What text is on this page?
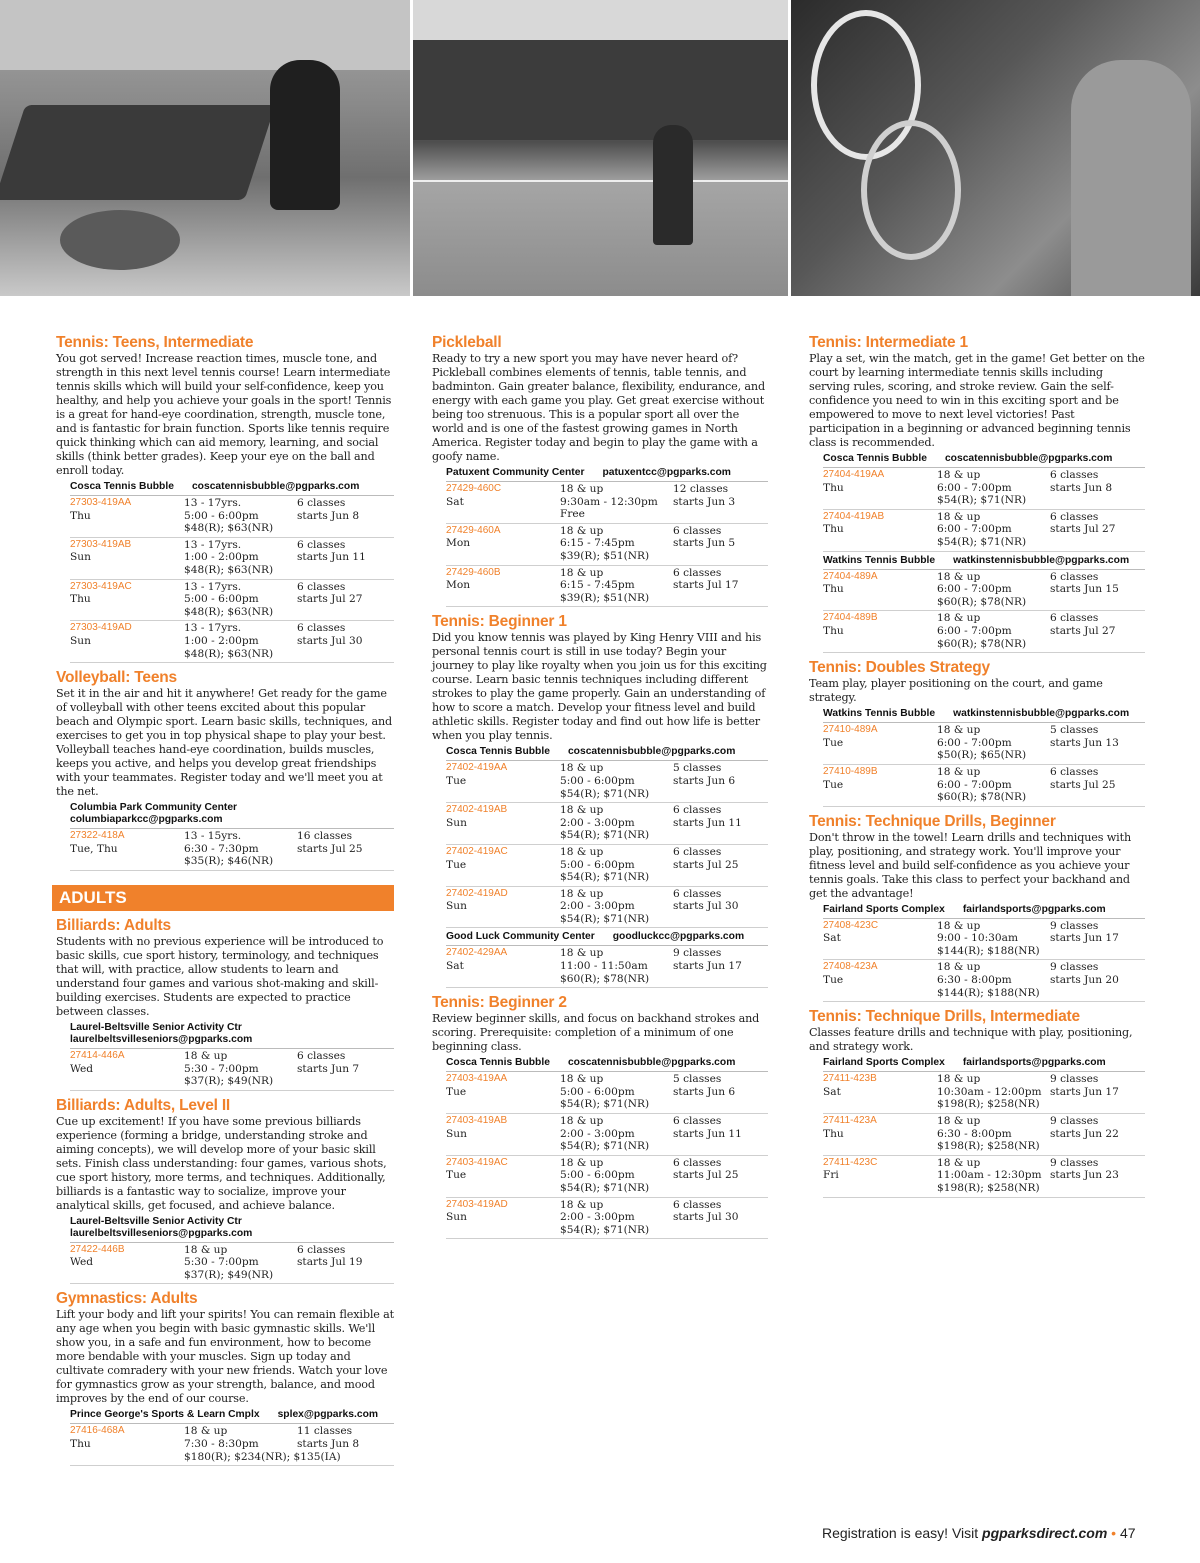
Tennis: Teens, Intermediate
You got served! Increase reaction times, muscle tone, and strength in this next level tennis course! Learn intermediate tennis skills which will build your self-confidence, keep you healthy, and help you achieve your goals in the sport! Tennis is a great for hand-eye coordination, strength, muscle tone, and is fantastic for brain function. Sports like tennis require quick thinking which can aid memory, learning, and social skills (think better grades). Keep your eye on the ball and enroll today.
Cosca Tennis Bubble coscatennisbubble@pgparks.com
27303-419AA
Thu
13 - 17yrs.
5:00 - 6:00pm
$48(R); $63(NR)
6 classes
starts Jun 8
27303-419AB
Sun
13 - 17yrs.
1:00 - 2:00pm
$48(R); $63(NR)
6 classes
starts Jun 11
27303-419AC
Thu
13 - 17yrs.
5:00 - 6:00pm
$48(R); $63(NR)
6 classes
starts Jul 27
27303-419AD
Sun
13 - 17yrs.
1:00 - 2:00pm
$48(R); $63(NR)
6 classes
starts Jul 30
Volleyball: Teens
Set it in the air and hit it anywhere! Get ready for the game of volleyball with other teens excited about this popular beach and Olympic sport. Learn basic skills, techniques, and exercises to get you in top physical shape to play your best. Volleyball teaches hand-eye coordination, builds muscles, keeps you active, and helps you develop great friendships with your teammates. Register today and we'll meet you at the net.
Columbia Park Community Center
columbiaparkcc@pgparks.com
27322-418A
Tue, Thu
13 - 15yrs.
6:30 - 7:30pm
$35(R); $46(NR)
16 classes
starts Jul 25
ADULTS
Billiards: Adults
Students with no previous experience will be introduced to basic skills, cue sport history, terminology, and techniques that will, with practice, allow students to learn and understand four games and various shot-making and skill-building exercises. Students are expected to practice between classes.
Laurel-Beltsville Senior Activity Ctr
laurelbeltsvilleseniors@pgparks.com
27414-446A
Wed
18 & up
5:30 - 7:00pm
$37(R); $49(NR)
6 classes
starts Jun 7
Billiards: Adults, Level II
Cue up excitement! If you have some previous billiards experience (forming a bridge, understanding stroke and aiming concepts), we will develop more of your basic skill sets. Finish class understanding: four games, various shots, cue sport history, more terms, and techniques. Additionally, billiards is a fantastic way to socialize, improve your analytical skills, get focused, and achieve balance.
Laurel-Beltsville Senior Activity Ctr
laurelbeltsvilleseniors@pgparks.com
27422-446B
Wed
18 & up
5:30 - 7:00pm
$37(R); $49(NR)
6 classes
starts Jul 19
Gymnastics: Adults
Lift your body and lift your spirits! You can remain flexible at any age when you begin with basic gymnastic skills. We'll show you, in a safe and fun environment, how to become more bendable with your muscles. Sign up today and cultivate comradery with your new friends. Watch your love for gymnastics grow as your strength, balance, and mood improves by the end of our course.
Prince George's Sports & Learn Cmplx splex@pgparks.com
27416-468A
Thu
18 & up
7:30 - 8:30pm
$180(R); $234(NR); $135(IA)
11 classes
starts Jun 8
Pickleball
Ready to try a new sport you may have never heard of? Pickleball combines elements of tennis, table tennis, and badminton. Gain greater balance, flexibility, endurance, and energy with each game you play. Get great exercise without being too strenuous. This is a popular sport all over the world and is one of the fastest growing games in North America. Register today and begin to play the game with a goofy name.
Patuxent Community Center patuxentcc@pgparks.com
27429-460C
Sat
18 & up
9:30am - 12:30pm
Free
12 classes
starts Jun 3
27429-460A
Mon
18 & up
6:15 - 7:45pm
$39(R); $51(NR)
6 classes
starts Jun 5
27429-460B
Mon
18 & up
6:15 - 7:45pm
$39(R); $51(NR)
6 classes
starts Jul 17
Tennis: Beginner 1
Did you know tennis was played by King Henry VIII and his personal tennis court is still in use today? Begin your journey to play like royalty when you join us for this exciting course. Learn basic tennis techniques including different strokes to play the game properly. Gain an understanding of how to score a match. Develop your fitness level and build athletic skills. Register today and find out how life is better when you play tennis.
Cosca Tennis Bubble coscatennisbubble@pgparks.com
27402-419AA
Tue
18 & up
5:00 - 6:00pm
$54(R); $71(NR)
5 classes
starts Jun 6
27402-419AB
Sun
18 & up
2:00 - 3:00pm
$54(R); $71(NR)
6 classes
starts Jun 11
27402-419AC
Tue
18 & up
5:00 - 6:00pm
$54(R); $71(NR)
6 classes
starts Jul 25
27402-419AD
Sun
18 & up
2:00 - 3:00pm
$54(R); $71(NR)
6 classes
starts Jul 30
Good Luck Community Center goodluckcc@pgparks.com
27402-429AA
Sat
18 & up
11:00 - 11:50am
$60(R); $78(NR)
9 classes
starts Jun 17
Tennis: Beginner 2
Review beginner skills, and focus on backhand strokes and scoring. Prerequisite: completion of a minimum of one beginning class.
Cosca Tennis Bubble coscatennisbubble@pgparks.com
27403-419AA
Tue
18 & up
5:00 - 6:00pm
$54(R); $71(NR)
5 classes
starts Jun 6
27403-419AB
Sun
18 & up
2:00 - 3:00pm
$54(R); $71(NR)
6 classes
starts Jun 11
27403-419AC
Tue
18 & up
5:00 - 6:00pm
$54(R); $71(NR)
6 classes
starts Jul 25
27403-419AD
Sun
18 & up
2:00 - 3:00pm
$54(R); $71(NR)
6 classes
starts Jul 30
Tennis: Intermediate 1
Play a set, win the match, get in the game! Get better on the court by learning intermediate tennis skills including serving rules, scoring, and stroke review. Gain the self-confidence you need to win in this exciting sport and be empowered to move to next level victories! Past participation in a beginning or advanced beginning tennis class is recommended.
Cosca Tennis Bubble coscatennisbubble@pgparks.com
27404-419AA
Thu
18 & up
6:00 - 7:00pm
$54(R); $71(NR)
6 classes
starts Jun 8
27404-419AB
Thu
18 & up
6:00 - 7:00pm
$54(R); $71(NR)
6 classes
starts Jul 27
Watkins Tennis Bubble watkinstennisbubble@pgparks.com
27404-489A
Thu
18 & up
6:00 - 7:00pm
$60(R); $78(NR)
6 classes
starts Jun 15
27404-489B
Thu
18 & up
6:00 - 7:00pm
$60(R); $78(NR)
6 classes
starts Jul 27
Tennis: Doubles Strategy
Team play, player positioning on the court, and game strategy.
Watkins Tennis Bubble watkinstennisbubble@pgparks.com
27410-489A
Tue
18 & up
6:00 - 7:00pm
$50(R); $65(NR)
5 classes
starts Jun 13
27410-489B
Tue
18 & up
6:00 - 7:00pm
$60(R); $78(NR)
6 classes
starts Jul 25
Tennis: Technique Drills, Beginner
Don't throw in the towel! Learn drills and techniques with play, positioning, and strategy work. You'll improve your fitness level and build self-confidence as you achieve your tennis goals. Take this class to perfect your backhand and get the advantage!
Fairland Sports Complex fairlandsports@pgparks.com
27408-423C
Sat
18 & up
9:00 - 10:30am
$144(R); $188(NR)
9 classes
starts Jun 17
27408-423A
Tue
18 & up
6:30 - 8:00pm
$144(R); $188(NR)
9 classes
starts Jun 20
Tennis: Technique Drills, Intermediate
Classes feature drills and technique with play, positioning, and strategy work.
Fairland Sports Complex fairlandsports@pgparks.com
27411-423B
Sat
18 & up
10:30am - 12:00pm
$198(R); $258(NR)
9 classes
starts Jun 17
27411-423A
Thu
18 & up
6:30 - 8:00pm
$198(R); $258(NR)
9 classes
starts Jun 22
27411-423C
Fri
18 & up
11:00am - 12:30pm
$198(R); $258(NR)
9 classes
starts Jun 23
Registration is easy! Visit pgparksdirect.com • 47
